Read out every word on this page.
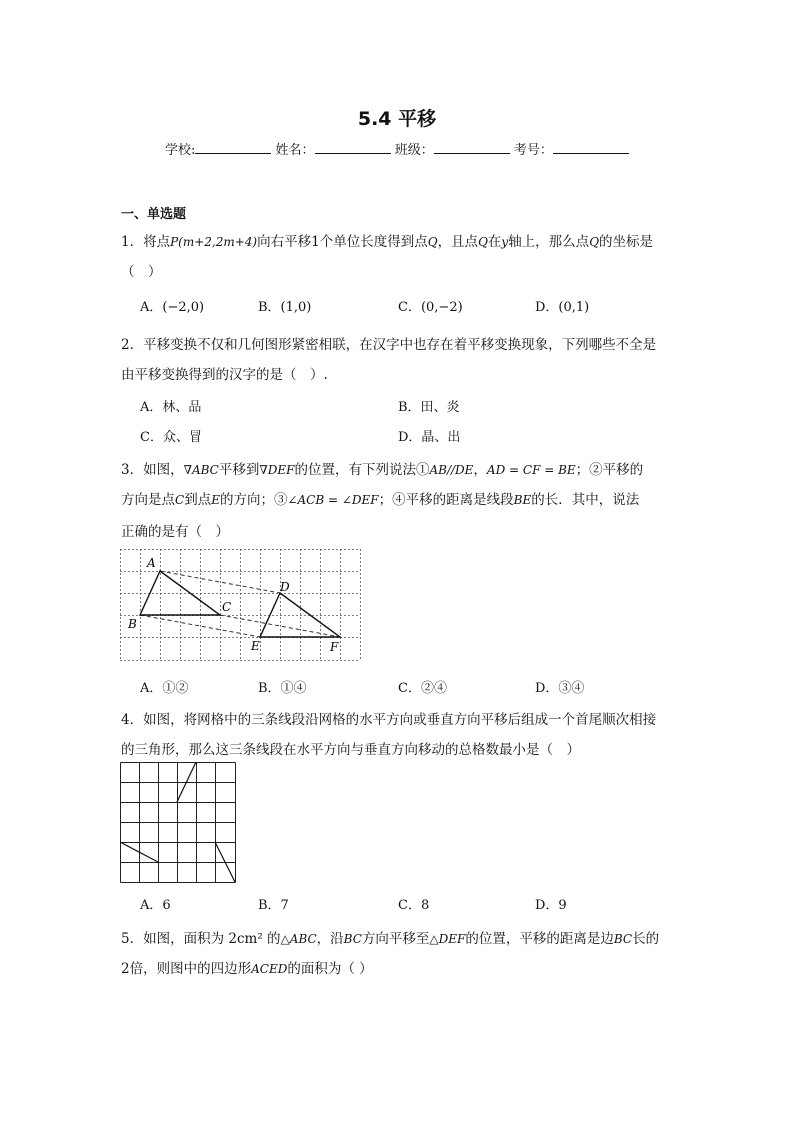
5.4 平移
学校:	姓名：	班级：	考号：
一、单选题
1．将点P(m+2,2m+4)向右平移1个单位长度得到点Q，且点Q在y轴上，那么点Q的坐标是
（　）
A．(−2,0)	B．(1,0)	C．(0,−2)	D．(0,1)
2．平移变换不仅和几何图形紧密相联，在汉字中也存在着平移变换现象，下列哪些不全是
由平移变换得到的汉字的是（　）.
A．林、品	B．田、炎
C．众、冒	D．晶、出
3．如图，∇ABC平移到∇DEF的位置，有下列说法①AB//DE，AD = CF = BE；②平移的
方向是点C到点E的方向；③∠ACB = ∠DEF；④平移的距离是线段BE的长．其中，说法
正确的是有（　）
A
B
C
D
E	F
A．①②	B．①④	C．②④	D．③④
4．如图，将网格中的三条线段沿网格的水平方向或垂直方向平移后组成一个首尾顺次相接
的三角形，那么这三条线段在水平方向与垂直方向移动的总格数最小是（　）
A．6	B．7	C．8	D．9
5．如图，面积为 2cm² 的△ABC，沿BC方向平移至△DEF的位置，平移的距离是边BC长的
2倍，则图中的四边形ACED的面积为（ ）
